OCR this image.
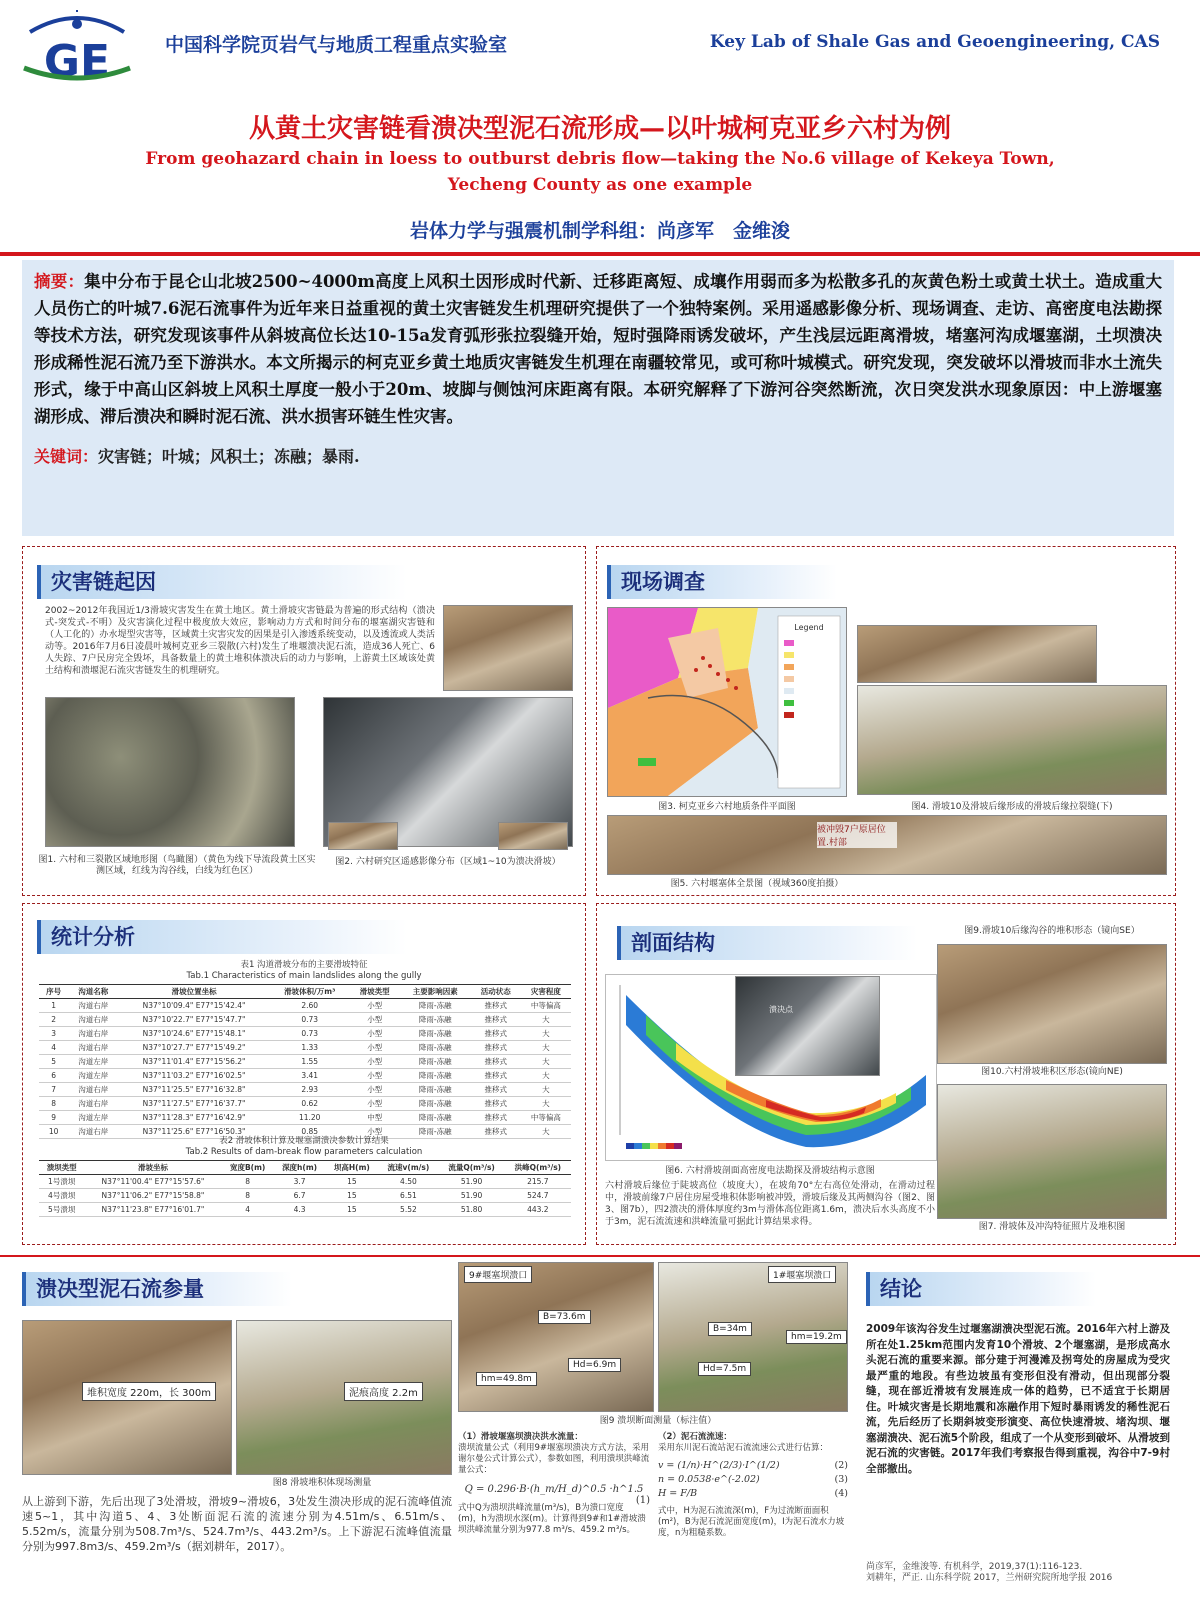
GE	中国科学院页岩气与地质工程重点实验室	Key Lab of Shale Gas and Geoengineering, CAS
从黄土灾害链看溃决型泥石流形成—以叶城柯克亚乡六村为例
From geohazard chain in loess to outburst debris flow—taking the No.6 village of Kekeya Town, Yecheng County as one example
岩体力学与强震机制学科组：尚彦军　金维浚

摘要：集中分布于昆仑山北坡2500~4000m高度上风积土因形成时代新、迁移距离短、成壤作用弱而多为松散多孔的灰黄色粉土或黄土状土。造成重大人员伤亡的叶城7.6泥石流事件为近年来日益重视的黄土灾害链发生机理研究提供了一个独特案例。采用遥感影像分析、现场调查、走访、高密度电法勘探等技术方法，研究发现该事件从斜坡高位长达10-15a发育弧形张拉裂缝开始，短时强降雨诱发破坏，产生浅层远距离滑坡，堵塞河沟成堰塞湖，土坝溃决形成稀性泥石流乃至下游洪水。本文所揭示的柯克亚乡黄土地质灾害链发生机理在南疆较常见，或可称叶城模式。研究发现，突发破坏以滑坡而非水土流失形式，缘于中高山区斜坡上风积土厚度一般小于20m、坡脚与侧蚀河床距离有限。本研究解释了下游河谷突然断流，次日突发洪水现象原因：中上游堰塞湖形成、滞后溃决和瞬时泥石流、洪水损害环链生性灾害。

关键词：灾害链；叶城；风积土；冻融；暴雨.
灾害链起因
2002~2012年我国近1/3滑坡灾害发生在黄土地区。黄土滑坡灾害链最为普遍的形式结构（溃决式-突发式-不明）及灾害演化过程中极度放大效应，影响动力方式和时间分布的堰塞湖灾害链和（人工化的）办水堤型灾害等，区域黄土灾害灾发的因果是引入渗透系统变动，以及透流或人类活动等。2016年7月6日凌晨叶城柯克亚乡三裂散(六村)发生了堆堰溃决泥石流，造成36人死亡、6人失踪、7户民房完全毁坏，具备数量上的黄土堆积体溃决后的动力与影响，上游黄土区域该处黄土结构和溃堰泥石流灾害链发生的机理研究。
图1. 六村和三裂散区域地形图（鸟瞰图）（黄色为线下导流段黄土区实测区域，红线为沟谷线，白线为红色区）
图2. 六村研究区遥感影像分布（区域1~10为溃决滑坡）
现场调查
Legend
图3. 柯克亚乡六村地质条件平面图	图4. 滑坡10及滑坡后缘形成的滑坡后缘拉裂缝(下)
被冲毁7户原居位置.村部
图5. 六村堰塞体全景图（视域360度拍摄）
统计分析
表1 沟道滑坡分布的主要滑坡特征
Tab.1 Characteristics of main landslides along the gully
序号	沟道名称	滑坡位置坐标	滑坡体积/万m³	滑坡类型	主要影响因素	活动状态	灾害程度
1	沟道右岸	N37°10'09.4" E77°15'42.4"	2.60	小型	降雨-冻融	推移式	中等偏高
2	沟道右岸	N37°10'22.7" E77°15'47.7"	0.73	小型	降雨-冻融	推移式	大
3	沟道右岸	N37°10'24.6" E77°15'48.1"	0.73	小型	降雨-冻融	推移式	大
4	沟道右岸	N37°10'27.7" E77°15'49.2"	1.33	小型	降雨-冻融	推移式	大
5	沟道左岸	N37°11'01.4" E77°15'56.2"	1.55	小型	降雨-冻融	推移式	大
6	沟道左岸	N37°11'03.2" E77°16'02.5"	3.41	小型	降雨-冻融	推移式	大
7	沟道右岸	N37°11'25.5" E77°16'32.8"	2.93	小型	降雨-冻融	推移式	大
8	沟道右岸	N37°11'27.5" E77°16'37.7"	0.62	小型	降雨-冻融	推移式	大
9	沟道左岸	N37°11'28.3" E77°16'42.9"	11.20	中型	降雨-冻融	推移式	中等偏高
10	沟道右岸	N37°11'25.6" E77°16'50.3"	0.85	小型	降雨-冻融	推移式	大
表2 滑坡体积计算及堰塞湖溃决参数计算结果
Tab.2 Results of dam-break flow parameters calculation
溃坝类型	滑坡坐标	宽度B(m)	深度h(m)	坝高H(m)	流速v(m/s)	流量Q(m³/s)	洪峰Q(m³/s)
1号溃坝	N37°11'00.4" E77°15'57.6"	8	3.7	15	4.50	51.90	215.7
4号溃坝	N37°11'06.2" E77°15'58.8"	8	6.7	15	6.51	51.90	524.7
5号溃坝	N37°11'23.8" E77°16'01.7"	4	4.3	15	5.52	51.80	443.2
剖面结构
溃决点
图6. 六村滑坡剖面高密度电法勘探及滑坡结构示意图
六村滑坡后缘位于陡坡高位（坡度大），在坡角70°左右高位处滑动，在滑动过程中，滑坡前缘7户居住房屋受堆积体影响被冲毁，滑坡后缘及其两侧沟谷（图2、图3、图7b），四2溃决的滑体厚度约3m与滑体高位距离1.6m，溃决后水头高度不小于3m，泥石流流速和洪峰流量可据此计算结果求得。
图9.滑坡10后缘沟谷的堆积形态（镜向SE）
图10.六村滑坡堆积区形态(镜向NE)
图7. 滑坡体及冲沟特征照片及堆积图
溃决型泥石流参量
堆积宽度 220m，长 300m	泥痕高度 2.2m
图8 滑坡堆积体现场测量
从上游到下游，先后出现了3处滑坡，滑坡9~滑坡6，3处发生溃决形成的泥石流峰值流速5~1，其中沟道5、4、3处断面泥石流的流速分别为4.51m/s、6.51m/s、5.52m/s，流量分别为508.7m³/s、524.7m³/s、443.2m³/s。上下游泥石流峰值流量分别为997.8m3/s、459.2m³/s（据刘耕年，2017）。
9#堰塞坝溃口
B=73.6m
hm=49.8m
Hd=6.9m
1#堰塞坝溃口
B=34m
hm=19.2m
Hd=7.5m
图9 溃坝断面测量（标注值）
（1）滑坡堰塞坝溃决洪水流量：
溃坝流量公式（利用9#堰塞坝溃决方式方法，采用谢尔曼公式计算公式），参数如图，利用溃坝洪峰流量公式：
Q = 0.296·B·(h_m/H_d)^0.5 ·h^1.5
(1)
式中Q为溃坝洪峰流量(m³/s)，B为溃口宽度(m)，h为溃坝水深(m)。计算得到9#和1#滑坡溃坝洪峰流量分别为977.8 m³/s、459.2 m³/s。
（2）泥石流流速：
采用东川泥石流站泥石流流速公式进行估算：
v = (1/n)·H^(2/3)·I^(1/2)	(2)
n = 0.0538·e^(-2.02)	(3)
H = F/B	(4)
式中，H为泥石流流深(m)，F为过流断面面积(m²)，B为泥石流泥面宽度(m)，I为泥石流水力坡度，n为粗糙系数。
结论
2009年该沟谷发生过堰塞湖溃决型泥石流。2016年六村上游及所在处1.25km范围内发育10个滑坡、2个堰塞湖，是形成高水头泥石流的重要来源。部分建于河漫滩及拐弯处的房屋成为受灾最严重的地段。有些边坡虽有变形但没有滑动，但出现部分裂缝，现在部近滑坡有发展连成一体的趋势，已不适宜于长期居住。叶城灾害是长期地震和冻融作用下短时暴雨诱发的稀性泥石流，先后经历了长期斜坡变形演变、高位快速滑坡、堵沟坝、堰塞湖溃决、泥石流5个阶段，组成了一个从变形到破坏、从滑坡到泥石流的灾害链。2017年我们考察报告得到重视，沟谷中7-9村全部撤出。
尚彦军，金维浚等. 有机科学，2019,37(1):116-123.
刘耕年，严正. 山东科学院 2017，兰州研究院所地学报 2016
